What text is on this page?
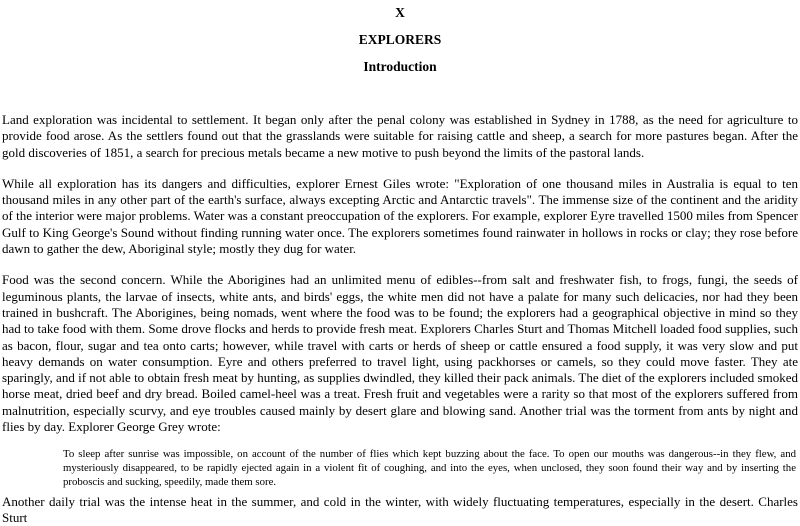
X
EXPLORERS
Introduction

Land exploration was incidental to settlement. It began only after the penal colony was established in Sydney in 1788, as the need for agriculture to provide food arose. As the settlers found out that the grasslands were suitable for raising cattle and sheep, a search for more pastures began. After the gold discoveries of 1851, a search for precious metals became a new motive to push beyond the limits of the pastoral lands.

While all exploration has its dangers and difficulties, explorer Ernest Giles wrote: "Exploration of one thousand miles in Australia is equal to ten thousand miles in any other part of the earth's surface, always excepting Arctic and Antarctic travels". The immense size of the continent and the aridity of the interior were major problems. Water was a constant preoccupation of the explorers. For example, explorer Eyre travelled 1500 miles from Spencer Gulf to King George's Sound without finding running water once. The explorers sometimes found rainwater in hollows in rocks or clay; they rose before dawn to gather the dew, Aboriginal style; mostly they dug for water.

Food was the second concern. While the Aborigines had an unlimited menu of edibles--from salt and freshwater fish, to frogs, fungi, the seeds of leguminous plants, the larvae of insects, white ants, and birds' eggs, the white men did not have a palate for many such delicacies, nor had they been trained in bushcraft. The Aborigines, being nomads, went where the food was to be found; the explorers had a geographical objective in mind so they had to take food with them. Some drove flocks and herds to provide fresh meat. Explorers Charles Sturt and Thomas Mitchell loaded food supplies, such as bacon, flour, sugar and tea onto carts; however, while travel with carts or herds of sheep or cattle ensured a food supply, it was very slow and put heavy demands on water consumption. Eyre and others preferred to travel light, using packhorses or camels, so they could move faster. They ate sparingly, and if not able to obtain fresh meat by hunting, as supplies dwindled, they killed their pack animals. The diet of the explorers included smoked horse meat, dried beef and dry bread. Boiled camel-heel was a treat. Fresh fruit and vegetables were a rarity so that most of the explorers suffered from malnutrition, especially scurvy, and eye troubles caused mainly by desert glare and blowing sand. Another trial was the torment from ants by night and flies by day. Explorer George Grey wrote:

To sleep after sunrise was impossible, on account of the number of flies which kept buzzing about the face. To open our mouths was dangerous--in they flew, and mysteriously disappeared, to be rapidly ejected again in a violent fit of coughing, and into the eyes, when unclosed, they soon found their way and by inserting the proboscis and sucking, speedily, made them sore.

Another daily trial was the intense heat in the summer, and cold in the winter, with widely fluctuating temperatures, especially in the desert. Charles Sturt
